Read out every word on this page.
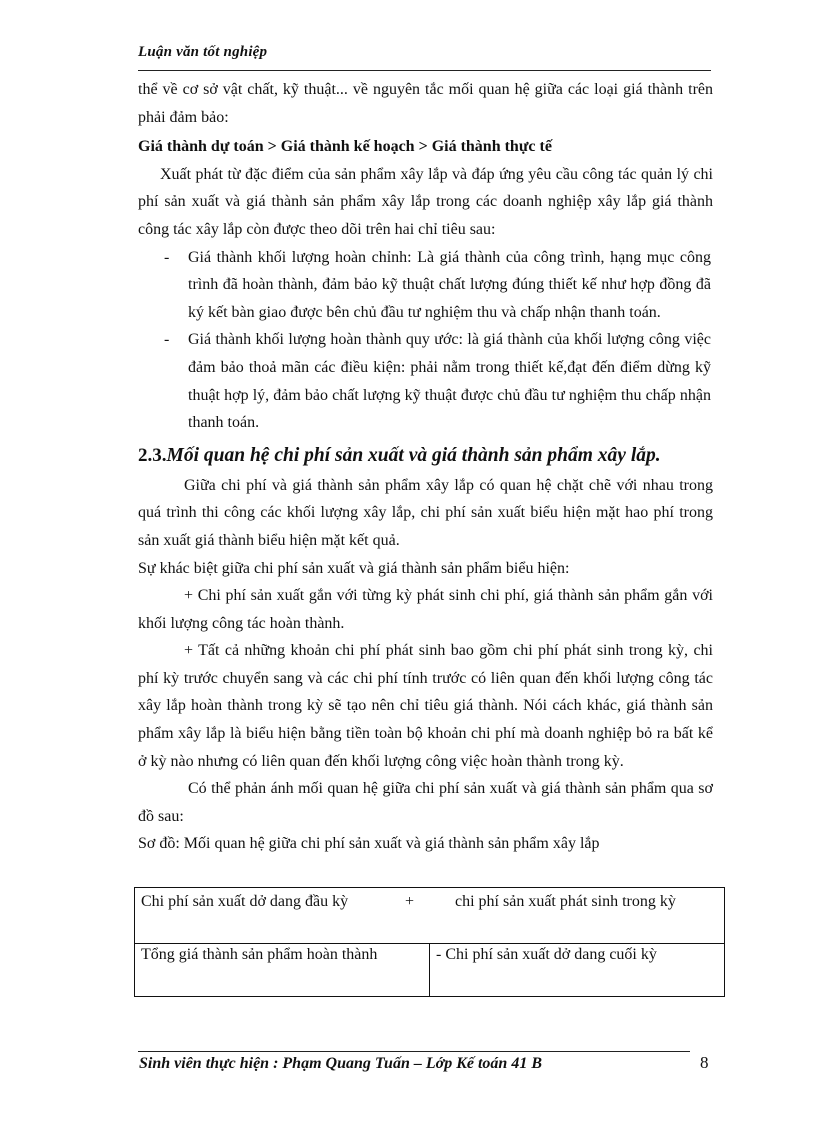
Luận văn tốt nghiệp

thể về cơ sở vật chất, kỹ thuật... về nguyên tắc mối quan hệ giữa các loại giá thành trên phải đảm bảo:

Giá thành dự toán > Giá thành kế hoạch > Giá thành thực tế

Xuất phát từ đặc điểm của sản phẩm xây lắp và đáp ứng yêu cầu công tác quản lý chi phí sản xuất và giá thành sản phẩm xây lắp trong các doanh nghiệp xây lắp giá thành công tác xây lắp còn được theo dõi trên hai chỉ tiêu sau:

- Giá thành khối lượng hoàn chỉnh: Là giá thành của công trình, hạng mục công trình đã hoàn thành, đảm bảo kỹ thuật chất lượng đúng thiết kế như hợp đồng đã ký kết bàn giao được bên chủ đầu tư nghiệm thu và chấp nhận thanh toán.
- Giá thành khối lượng hoàn thành quy ước: là giá thành của khối lượng công việc đảm bảo thoả mãn các điều kiện: phải nằm trong thiết kế,đạt đến điểm dừng kỹ thuật hợp lý, đảm bảo chất lượng kỹ thuật được chủ đầu tư nghiệm thu chấp nhận thanh toán.

2.3.Mối quan hệ chi phí sản xuất và giá thành sản phẩm xây lắp.

Giữa chi phí và giá thành sản phẩm xây lắp có quan hệ chặt chẽ với nhau trong quá trình thi công các khối lượng xây lắp, chi phí sản xuất biểu hiện mặt hao phí trong sản xuất giá thành biểu hiện mặt kết quả.

Sự khác biệt giữa chi phí sản xuất và giá thành sản phẩm biểu hiện:

+ Chi phí sản xuất gắn với từng kỳ phát sinh chi phí, giá thành sản phẩm gắn với khối lượng công tác hoàn thành.

+ Tất cả những khoản chi phí phát sinh bao gồm chi phí phát sinh trong kỳ, chi phí kỳ trước chuyển sang và các chi phí tính trước có liên quan đến khối lượng công tác xây lắp hoàn thành trong kỳ sẽ tạo nên chỉ tiêu giá thành. Nói cách khác, giá thành sản phẩm xây lắp là biểu hiện bằng tiền toàn bộ khoản chi phí mà doanh nghiệp bỏ ra bất kể ở kỳ nào nhưng có liên quan đến khối lượng công việc hoàn thành trong kỳ.

Có thể phản ánh mối quan hệ giữa chi phí sản xuất và giá thành sản phẩm qua sơ đồ sau:

Sơ đồ: Mối quan hệ giữa chi phí sản xuất và giá thành sản phẩm xây lắp

Chi phí sản xuất dở dang đầu kỳ	+	chi phí sản xuất phát sinh trong kỳ
Tổng giá thành sản phẩm hoàn thành	- Chi phí sản xuất dở dang cuối kỳ
Sinh viên thực hiện : Phạm Quang Tuấn – Lớp Kế toán 41 B	8
